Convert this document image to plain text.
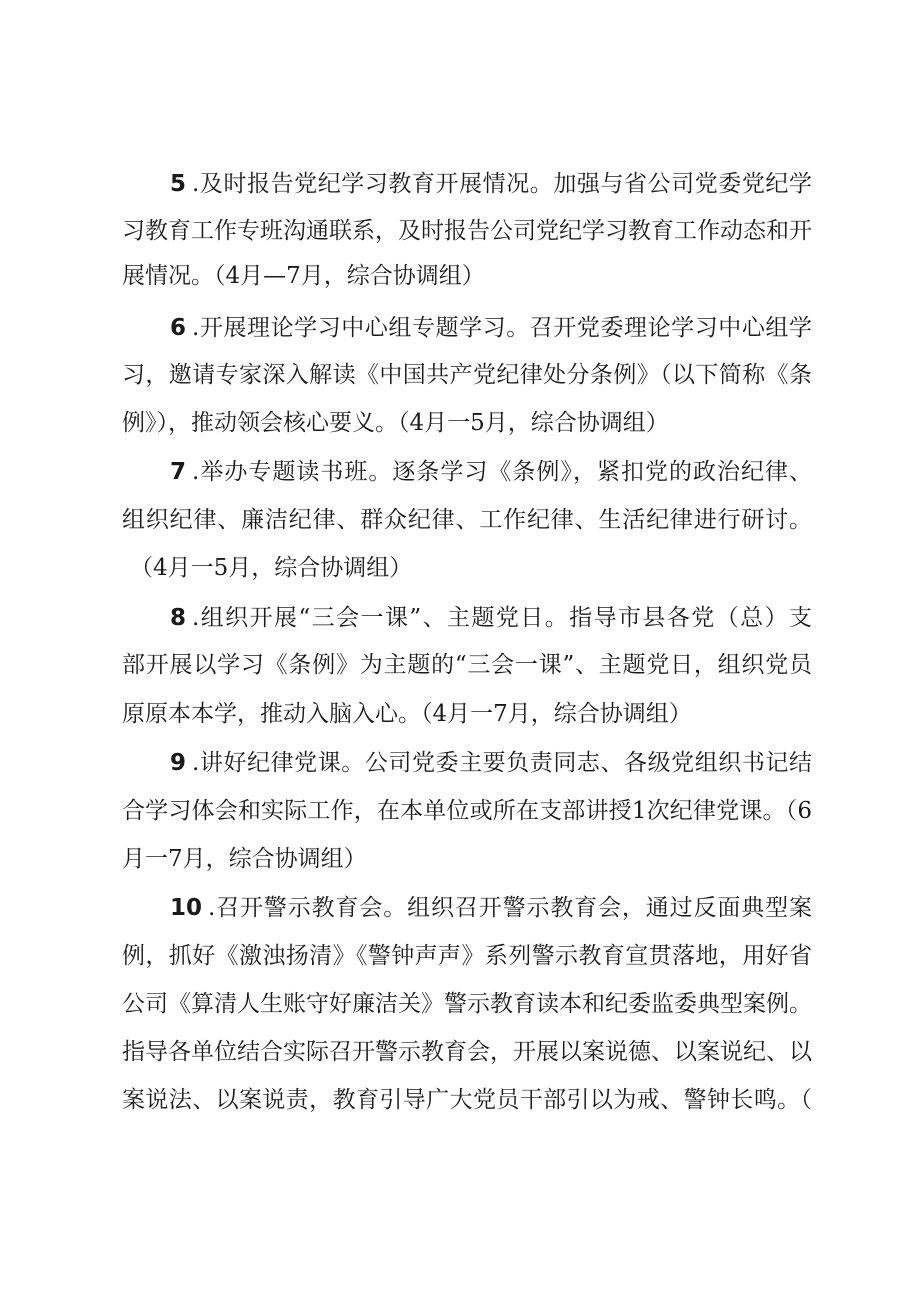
5 .及时报告党纪学习教育开展情况。加强与省公司党委党纪学
习教育工作专班沟通联系，及时报告公司党纪学习教育工作动态和开
展情况。（4月—7月，综合协调组）
6 .开展理论学习中心组专题学习。召开党委理论学习中心组学
习，邀请专家深入解读《中国共产党纪律处分条例》（以下简称《条
例》），推动领会核心要义。（4月一5月，综合协调组）
7 .举办专题读书班。逐条学习《条例》，紧扣党的政治纪律、
组织纪律、廉洁纪律、群众纪律、工作纪律、生活纪律进行研讨。
（4月一5月，综合协调组）
8 .组织开展“三会一课”、主题党日。指导市县各党（总）支
部开展以学习《条例》为主题的“三会一课”、主题党日，组织党员
原原本本学，推动入脑入心。（4月一7月，综合协调组）
9 .讲好纪律党课。公司党委主要负责同志、各级党组织书记结
合学习体会和实际工作，在本单位或所在支部讲授1次纪律党课。（6
月一7月，综合协调组）
10 .召开警示教育会。组织召开警示教育会，通过反面典型案
例，抓好《激浊扬清》《警钟声声》系列警示教育宣贯落地，用好省
公司《算清人生账守好廉洁关》警示教育读本和纪委监委典型案例。
指导各单位结合实际召开警示教育会，开展以案说德、以案说纪、以
案说法、以案说责，教育引导广大党员干部引以为戒、警钟长鸣。（
